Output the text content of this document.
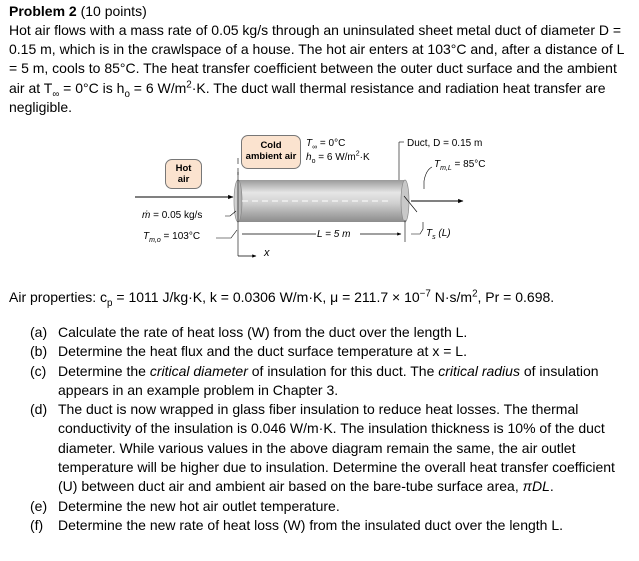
Problem 2 (10 points)
Hot air flows with a mass rate of 0.05 kg/s through an uninsulated sheet metal duct of diameter D = 0.15 m, which is in the crawlspace of a house. The hot air enters at 103°C and, after a distance of L = 5 m, cools to 85°C. The heat transfer coefficient between the outer duct surface and the ambient air at $T_\infty = 0^\circ C$ is $h_o = 6$ $W/m^2\cdot K$. The duct wall thermal resistance and radiation heat transfer are negligible.
Cold
ambient air
Hot
air
$T_\infty = 0^\circ C$
$h_o = 6$ $W/m^2\cdot K$
Duct, D = 0.15 m
$T_{m,L} = 85^\circ C$
ṁ = 0.05 kg/s
$T_{m,o} = 103^\circ C$	L = 5 m	$T_s$ (L)
x
Air properties: $c_p = 1011$ J/kg·K, k = 0.0306 W/m·K, $\mu = 211.7 \times 10^{-7}$ $N\cdot s/m^2$, Pr = 0.698.
(a) Calculate the rate of heat loss (W) from the duct over the length L.
(b) Determine the heat flux and the duct surface temperature at x = L.
(c) Determine the critical diameter of insulation for this duct. The critical radius of insulation appears in an example problem in Chapter 3.
(d) The duct is now wrapped in glass fiber insulation to reduce heat losses. The thermal conductivity of the insulation is 0.046 W/m·K. The insulation thickness is 10% of the duct diameter. While various values in the above diagram remain the same, the air outlet temperature will be higher due to insulation. Determine the overall heat transfer coefficient (U) between duct air and ambient air based on the bare-tube surface area, πDL.
(e) Determine the new hot air outlet temperature.
(f) Determine the new rate of heat loss (W) from the insulated duct over the length L.
